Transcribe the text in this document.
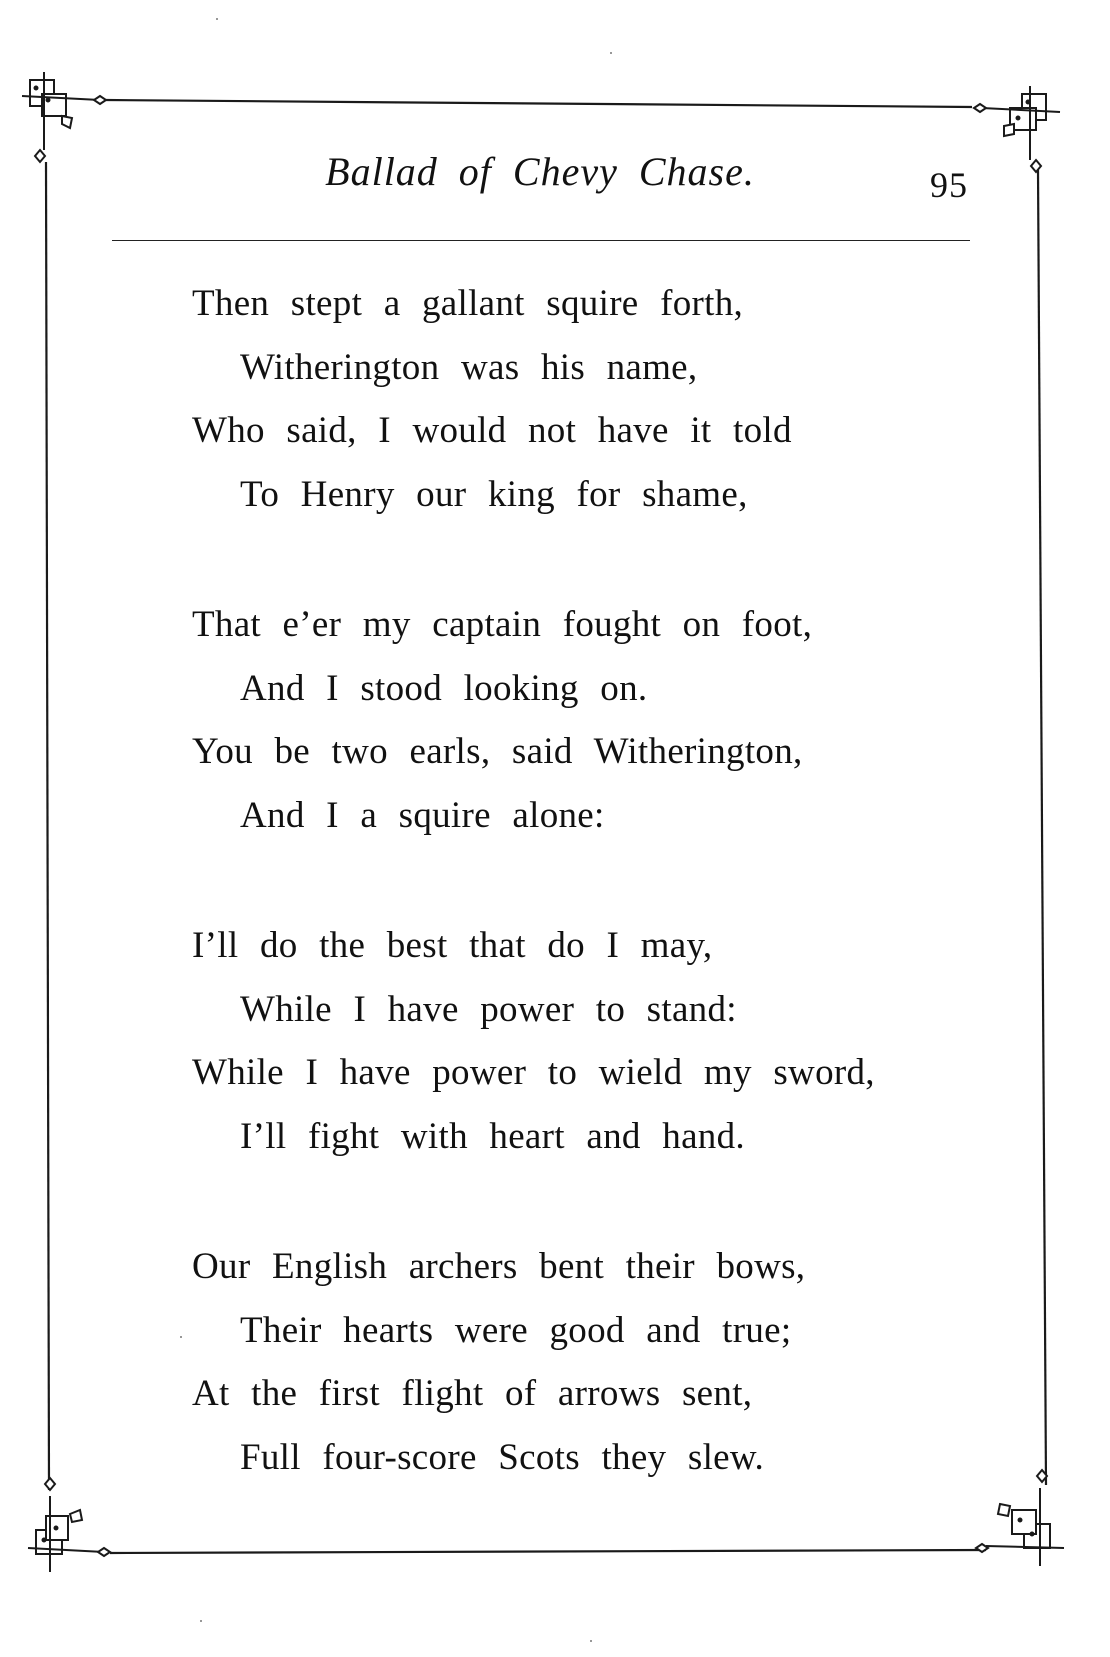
Ballad of Chevy Chase.	95
Then stept a gallant squire forth,
Witherington was his name,
Who said, I would not have it told
To Henry our king for shame,
That e’er my captain fought on foot,
And I stood looking on.
You be two earls, said Witherington,
And I a squire alone:
I’ll do the best that do I may,
While I have power to stand:
While I have power to wield my sword,
I’ll fight with heart and hand.
Our English archers bent their bows,
Their hearts were good and true;
At the first flight of arrows sent,
Full four-score Scots they slew.
